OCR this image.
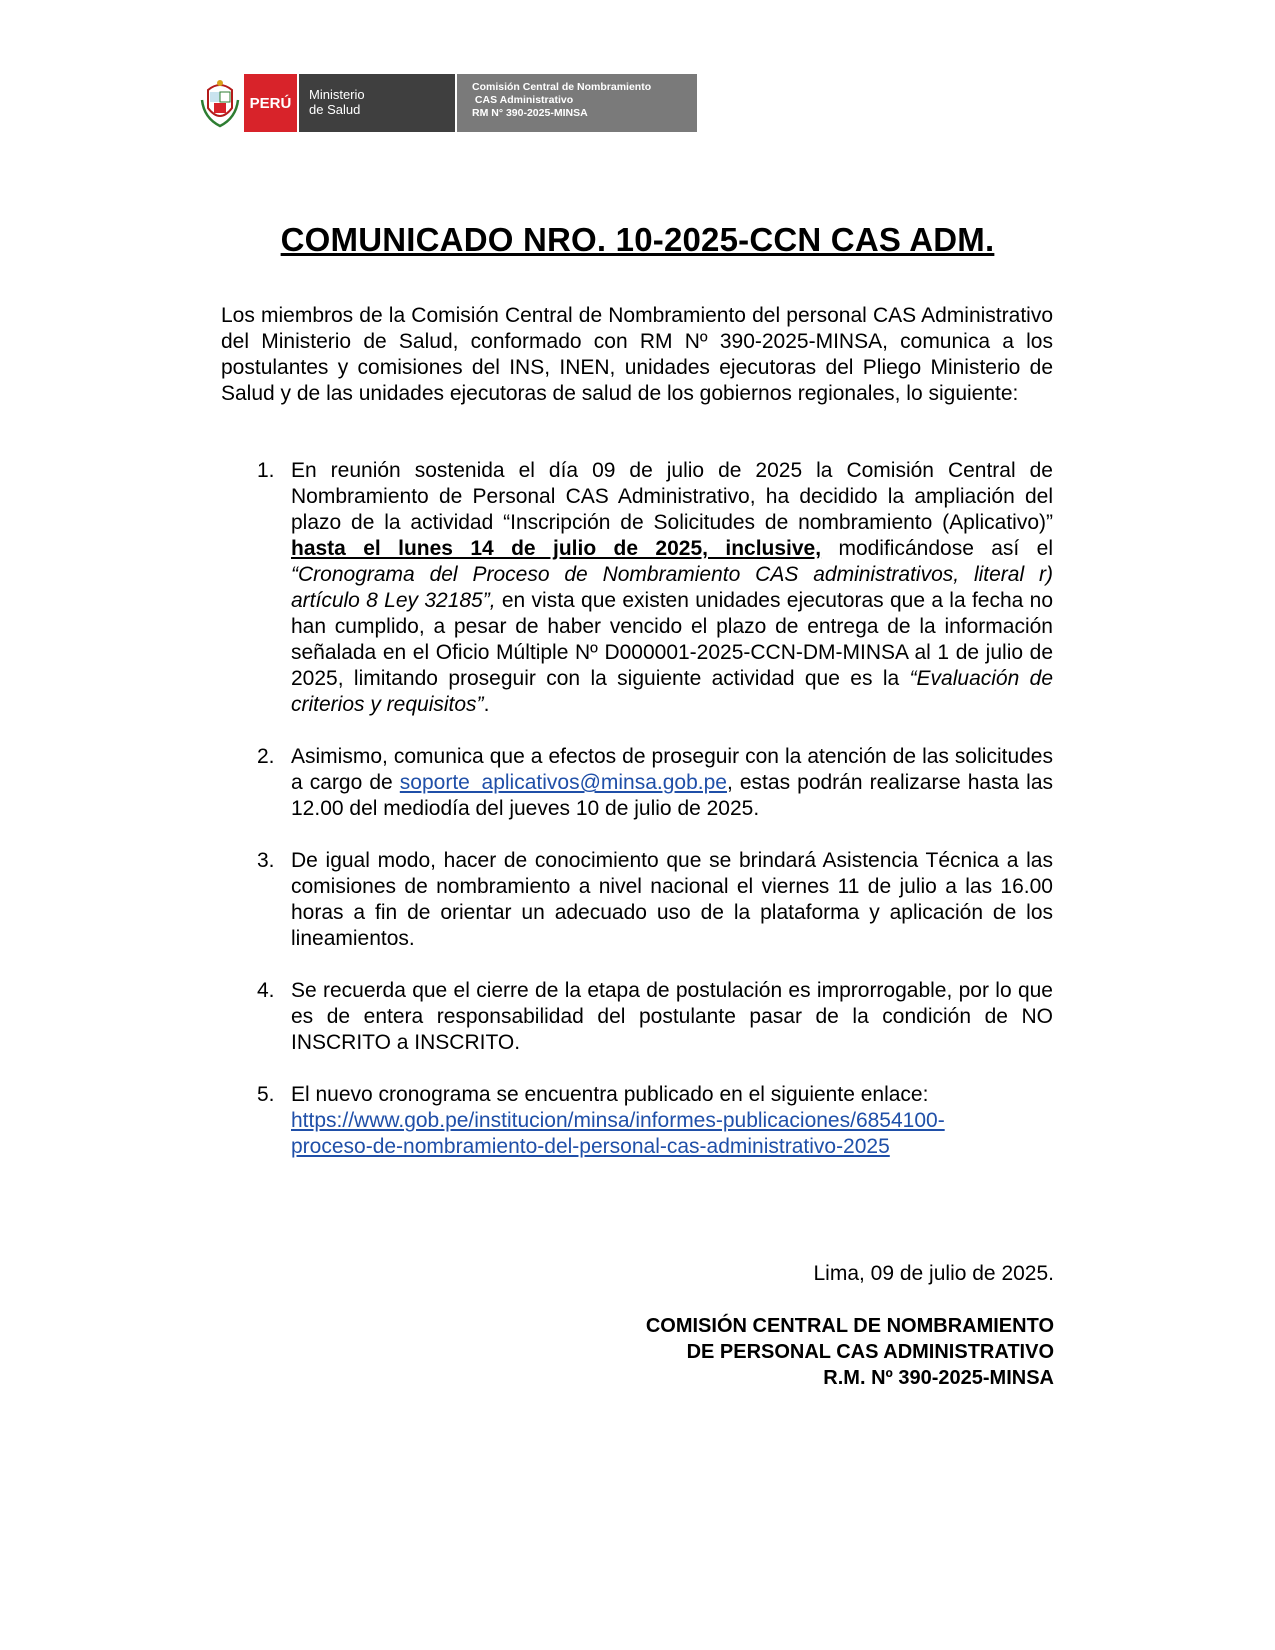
PERÚ	Ministerio
de Salud
Comisión Central de Nombramiento
CAS Administrativo
RM N° 390-2025-MINSA
COMUNICADO NRO. 10-2025-CCN CAS ADM.

Los miembros de la Comisión Central de Nombramiento del personal CAS Administrativo del Ministerio de Salud, conformado con RM Nº 390-2025-MINSA, comunica a los postulantes y comisiones del INS, INEN, unidades ejecutoras del Pliego Ministerio de Salud y de las unidades ejecutoras de salud de los gobiernos regionales, lo siguiente:

1. En reunión sostenida el día 09 de julio de 2025 la Comisión Central de Nombramiento de Personal CAS Administrativo, ha decidido la ampliación del plazo de la actividad “Inscripción de Solicitudes de nombramiento (Aplicativo)” hasta el lunes 14 de julio de 2025, inclusive, modificándose así el “Cronograma del Proceso de Nombramiento CAS administrativos, literal r) artículo 8 Ley 32185”, en vista que existen unidades ejecutoras que a la fecha no han cumplido, a pesar de haber vencido el plazo de entrega de la información señalada en el Oficio Múltiple Nº D000001-2025-CCN-DM-MINSA al 1 de julio de 2025, limitando proseguir con la siguiente actividad que es la “Evaluación de criterios y requisitos”.
2. Asimismo, comunica que a efectos de proseguir con la atención de las solicitudes a cargo de soporte_aplicativos@minsa.gob.pe, estas podrán realizarse hasta las 12.00 del mediodía del jueves 10 de julio de 2025.
3. De igual modo, hacer de conocimiento que se brindará Asistencia Técnica a las comisiones de nombramiento a nivel nacional el viernes 11 de julio a las 16.00 horas a fin de orientar un adecuado uso de la plataforma y aplicación de los lineamientos.
4. Se recuerda que el cierre de la etapa de postulación es improrrogable, por lo que es de entera responsabilidad del postulante pasar de la condición de NO INSCRITO a INSCRITO.
5. El nuevo cronograma se encuentra publicado en el siguiente enlace:
https://www.gob.pe/institucion/minsa/informes-publicaciones/6854100-
proceso-de-nombramiento-del-personal-cas-administrativo-2025
Lima, 09 de julio de 2025.
COMISIÓN CENTRAL DE NOMBRAMIENTO
DE PERSONAL CAS ADMINISTRATIVO
R.M. Nº 390-2025-MINSA
